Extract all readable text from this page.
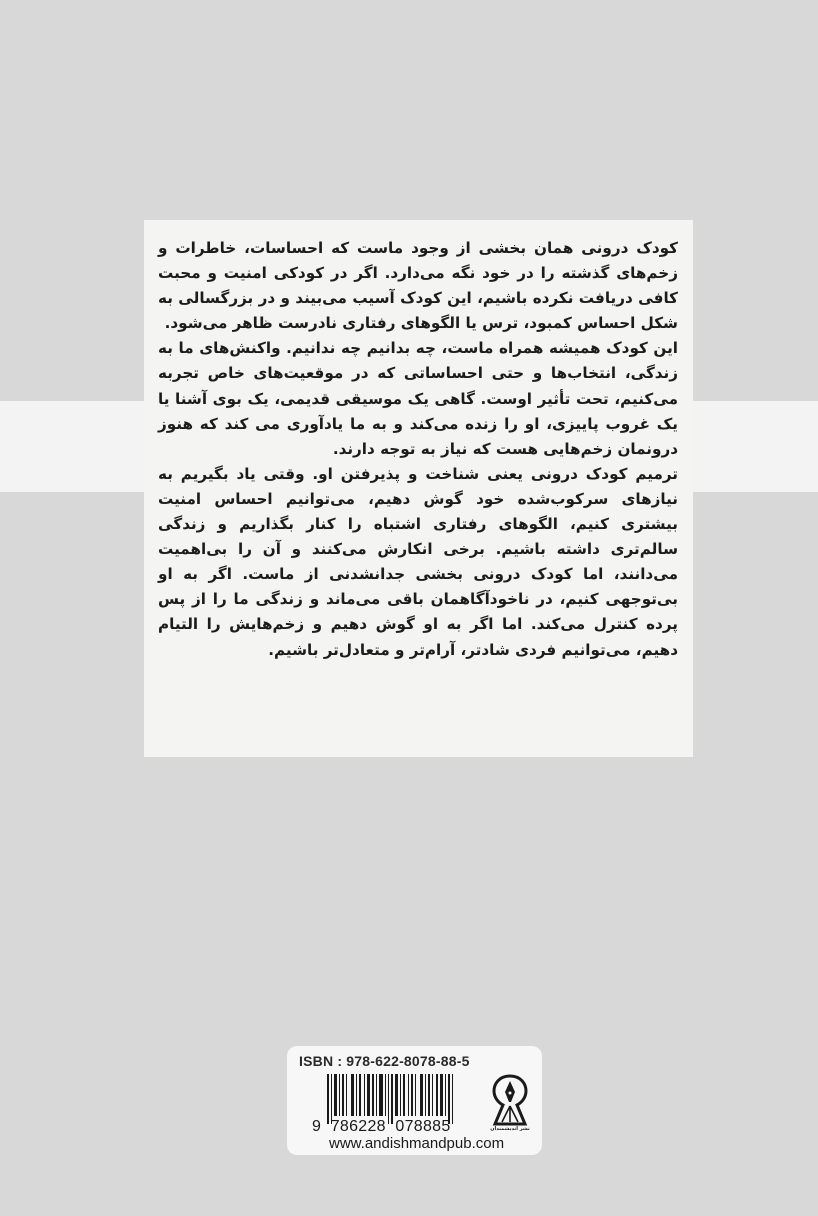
کودک درونی همان بخشی از وجود ماست که احساسات، خاطرات و زخم‌های گذشته را در خود نگه می‌دارد. اگر در کودکی امنیت و محبت کافی دریافت نکرده باشیم، این کودک آسیب می‌بیند و در بزرگسالی به شکل احساس کمبود، ترس یا الگوهای رفتاری نادرست ظاهر می‌شود.

این کودک همیشه همراه ماست، چه بدانیم چه ندانیم. واکنش‌های ما به زندگی، انتخاب‌ها و حتی احساساتی که در موقعیت‌های خاص تجربه می‌کنیم، تحت تأثیر اوست. گاهی یک موسیقی قدیمی، یک بوی آشنا یا یک غروب پاییزی، او را زنده می‌کند و به ما یادآوری می کند که هنوز درونمان زخم‌هایی هست که نیاز به توجه دارند.

ترمیم کودک درونی یعنی شناخت و پذیرفتن او. وقتی یاد بگیریم به نیازهای سرکوب‌شده خود گوش دهیم، می‌توانیم احساس امنیت بیشتری کنیم، الگوهای رفتاری اشتباه را کنار بگذاریم و زندگی سالم‌تری داشته باشیم. برخی انکارش می‌کنند و آن را بی‌اهمیت می‌دانند، اما کودک درونی بخشی جدانشدنی از ماست. اگر به او بی‌توجهی کنیم، در ناخودآگاهمان باقی می‌ماند و زندگی ما را از پس پرده کنترل می‌کند. اما اگر به او گوش دهیم و زخم‌هایش را التیام دهیم، می‌توانیم فردی شادتر، آرام‌تر و متعادل‌تر باشیم.

ISBN : 978-622-8078-88-5
9  786228  078885
www.andishmandpub.com
نشر اندیشمندان
